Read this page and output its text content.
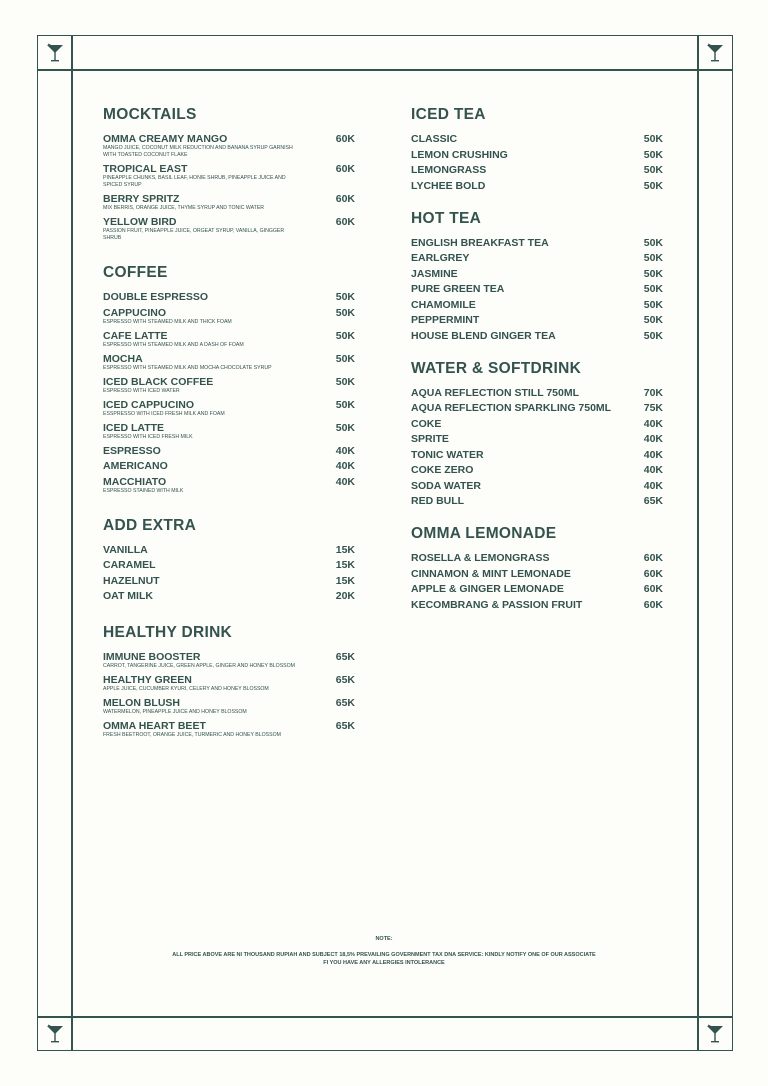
MOCKTAILS
OMMA CREAMY MANGO	60K
MANGO JUICE, COCONUT MILK REDUCTION AND BANANA SYRUP GARNISH WITH TOASTED COCONUT FLAKE
TROPICAL EAST	60K
PINEAPPLE CHUNKS, BASIL LEAF, HONIE SHRUB, PINEAPPLE JUICE AND SPICED SYRUP
BERRY SPRITZ	60K
MIX BERRIS, ORANGE JUICE, THYME SYRUP AND TONIC WATER
YELLOW BIRD	60K
PASSION FRUIT, PINEAPPLE JUICE, ORGEAT SYRUP, VANILLA, GINGGER SHRUB
COFFEE
DOUBLE ESPRESSO	50K
CAPPUCINO	50K
ESPRESSO WITH STEAMED MILK AND THICK FOAM
CAFE LATTE	50K
ESPRESSO WITH STEAMED MILK AND A DASH OF FOAM
MOCHA	50K
ESPRESSO WITH STEAMED MILK AND MOCHA CHOCOLATE SYRUP
ICED BLACK COFFEE	50K
ESPRESSO WITH ICED WATER
ICED CAPPUCINO	50K
ESSPRESSO WITH ICED FRESH MILK AND FOAM
ICED LATTE	50K
ESPRESSO WITH ICED FRESH MILK
ESPRESSO	40K
AMERICANO	40K
MACCHIATO	40K
ESPRESSO STAINED WITH MILK
ADD EXTRA
VANILLA	15K
CARAMEL	15K
HAZELNUT	15K
OAT MILK	20K
HEALTHY DRINK
IMMUNE BOOSTER	65K
CARROT, TANGERINE JUICE, GREEN APPLE, GINGER AND HONEY BLOSSOM
HEALTHY GREEN	65K
APPLE JUICE, CUCUMBER KYURI, CELERY AND HONEY BLOSSOM
MELON BLUSH	65K
WATERMELON, PINEAPPLE JUICE AND HONEY BLOSSOM
OMMA HEART BEET	65K
FRESH BEETROOT, ORANGE JUICE, TURMERIC AND HONEY BLOSSOM
ICED TEA
CLASSIC	50K
LEMON CRUSHING	50K
LEMONGRASS	50K
LYCHEE BOLD	50K
HOT TEA
ENGLISH BREAKFAST TEA	50K
EARLGREY	50K
JASMINE	50K
PURE GREEN TEA	50K
CHAMOMILE	50K
PEPPERMINT	50K
HOUSE BLEND GINGER TEA	50K
WATER & SOFTDRINK
AQUA REFLECTION STILL 750ML	70K
AQUA REFLECTION SPARKLING 750ML	75K
COKE	40K
SPRITE	40K
TONIC WATER	40K
COKE ZERO	40K
SODA WATER	40K
RED BULL	65K
OMMA LEMONADE
ROSELLA & LEMONGRASS	60K
CINNAMON & MINT LEMONADE	60K
APPLE & GINGER LEMONADE	60K
KECOMBRANG & PASSION FRUIT	60K
NOTE:
ALL PRICE ABOVE ARE NI THOUSAND RUPIAH AND SUBJECT 18,5% PREVAILING GOVERNMENT TAX DNA SERVICE: KINDLY NOTIFY ONE OF OUR ASSOCIATE FI YOU HAVE ANY ALLERGIES INTOLERANCE
